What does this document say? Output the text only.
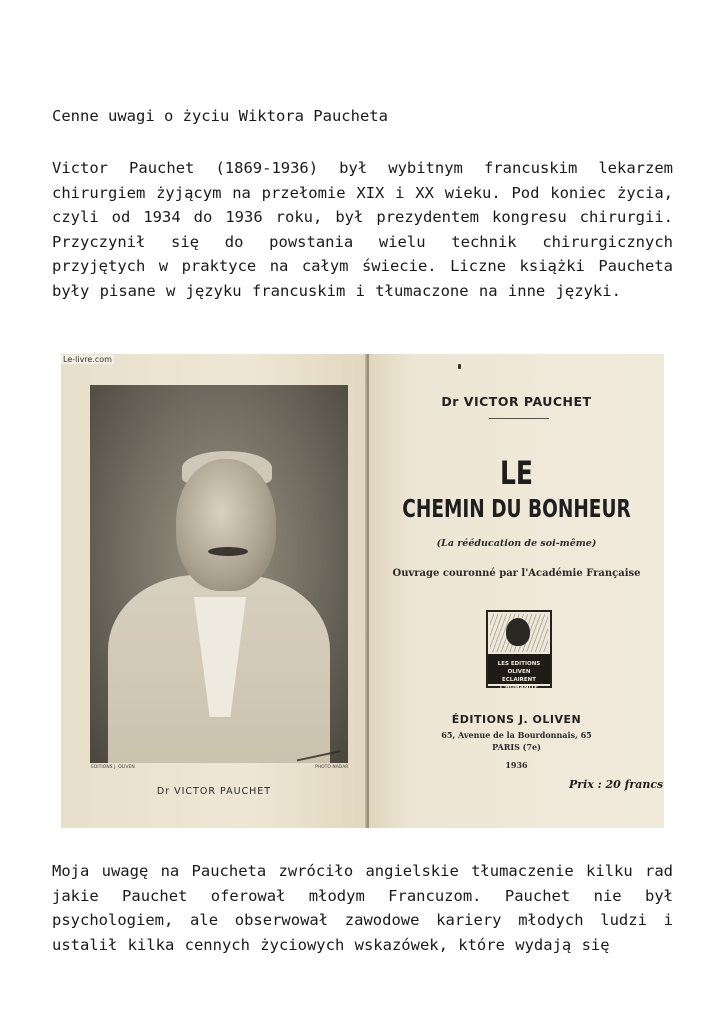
Cenne uwagi o życiu Wiktora Paucheta

Victor Pauchet (1869-1936) był wybitnym francuskim lekarzem chirurgiem żyjącym na przełomie XIX i XX wieku. Pod koniec życia, czyli od 1934 do 1936 roku, był prezydentem kongresu chirurgii. Przyczynił się do powstania wielu technik chirurgicznych przyjętych w praktyce na całym świecie. Liczne książki Paucheta były pisane w języku francuskim i tłumaczone na inne języki.

EDITIONS J. OLIVEN	PHOTO NADAR
Dr VICTOR PAUCHET
Le-livre.com
Dr VICTOR PAUCHET
LE
CHEMIN DU BONHEUR
(La rééducation de soi-même)
Ouvrage couronné par l'Académie Française
LES EDITIONS OLIVEN
ECLAIRENT L'HUMANITE
ÉDITIONS J. OLIVEN
65, Avenue de la Bourdonnais, 65
PARIS (7e)
1936
Prix : 20 francs

Moja uwagę na Paucheta zwróciło angielskie tłumaczenie kilku rad jakie Pauchet oferował młodym Francuzom. Pauchet nie był psychologiem, ale obserwował zawodowe kariery młodych ludzi i ustalił kilka cennych życiowych wskazówek, które wydają się
